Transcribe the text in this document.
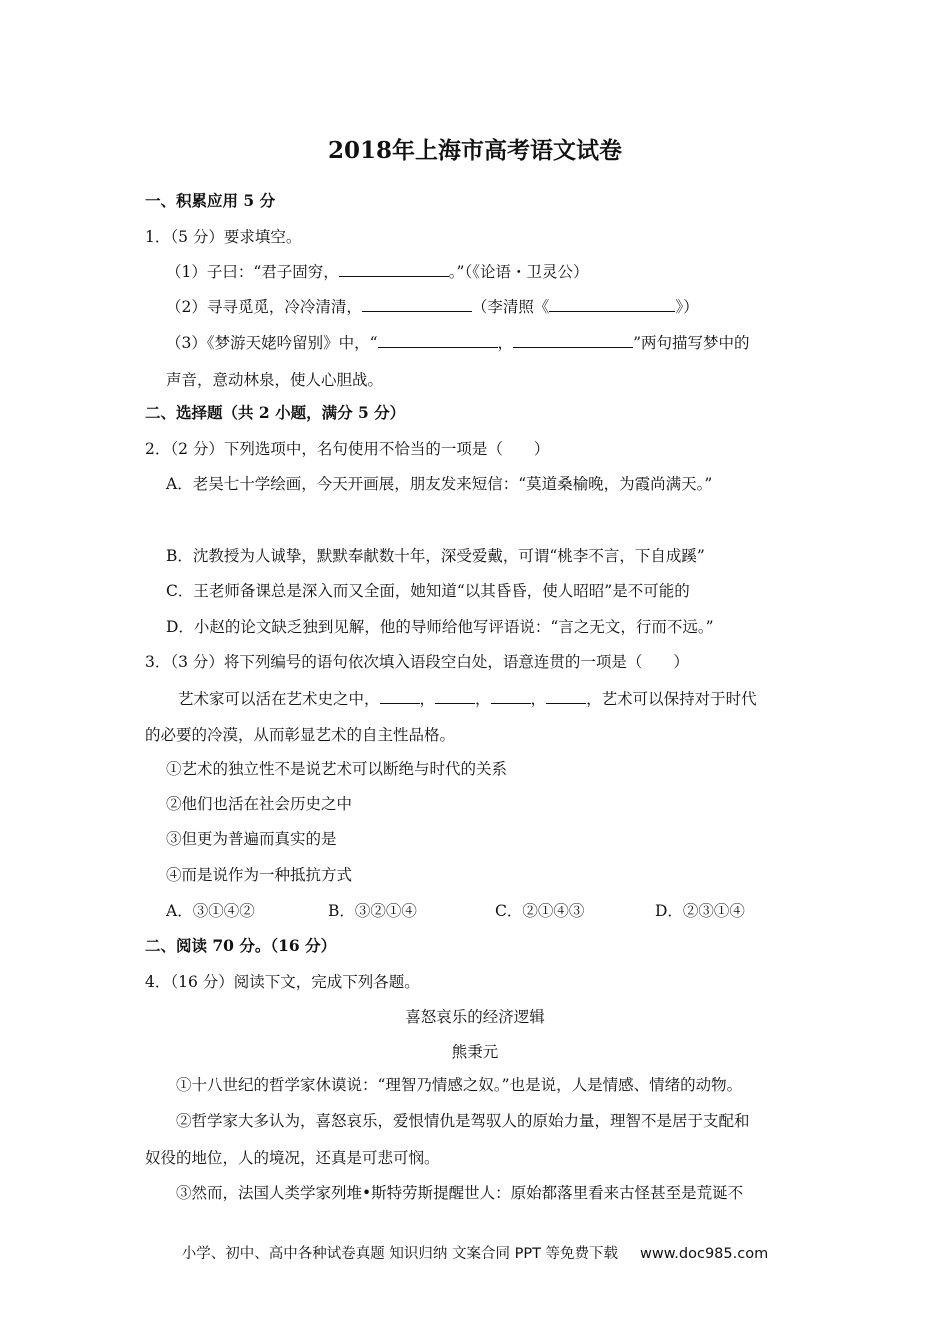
2018年上海市高考语文试卷
一、积累应用 5 分
1．（5 分）要求填空。
（1）子曰：“君子固穷，	。”（《论语・卫灵公）
（2）寻寻觅觅，冷冷清清，	（李清照《	》）
（3）《梦游天姥吟留别》中，“	，	”两句描写梦中的
声音，意动林泉，使人心胆战。
二、选择题（共 2 小题，满分 5 分）
2．（2 分）下列选项中，名句使用不恰当的一项是（　　）
A．老吴七十学绘画，今天开画展，朋友发来短信：“莫道桑榆晚，为霞尚满天。”
B．沈教授为人诚挚，默默奉献数十年，深受爱戴，可谓“桃李不言，下自成蹊”
C．王老师备课总是深入而又全面，她知道“以其昏昏，使人昭昭”是不可能的
D．小赵的论文缺乏独到见解，他的导师给他写评语说：“言之无文，行而不远。”
3．（3 分）将下列编号的语句依次填入语段空白处，语意连贯的一项是（　　）
艺术家可以活在艺术史之中，	，	，	，	，艺术可以保持对于时代
的必要的冷漠，从而彰显艺术的自主性品格。
①艺术的独立性不是说艺术可以断绝与时代的关系
②他们也活在社会历史之中
③但更为普遍而真实的是
④而是说作为一种抵抗方式
A．③①④②	B．③②①④	C．②①④③	D．②③①④
二、阅读 70 分。（16 分）
4．（16 分）阅读下文，完成下列各题。
喜怒哀乐的经济逻辑
熊秉元
①十八世纪的哲学家休谟说：“理智乃情感之奴。”也是说，人是情感、情绪的动物。
②哲学家大多认为，喜怒哀乐，爱恨情仇是驾驭人的原始力量，理智不是居于支配和
奴役的地位，人的境况，还真是可悲可悯。
③然而，法国人类学家列堆•斯特劳斯提醒世人：原始都落里看来古怪甚至是荒诞不
小学、初中、高中各种试卷真题 知识归纳 文案合同 PPT 等免费下载 www.doc985.com
